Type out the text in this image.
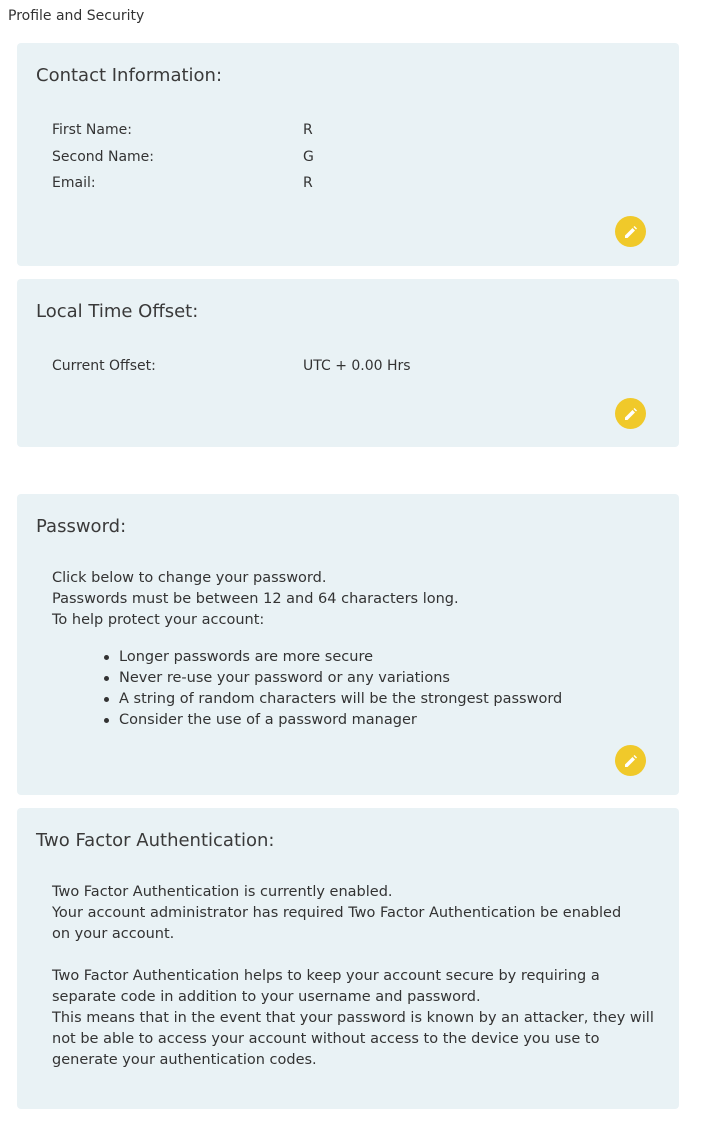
Profile and Security
Contact Information:
First Name:	R
Second Name:	G
Email:	R
Local Time Offset:
Current Offset:	UTC + 0.00 Hrs
Password:
Click below to change your password.
Passwords must be between 12 and 64 characters long.
To help protect your account:
Longer passwords are more secure
Never re-use your password or any variations
A string of random characters will be the strongest password
Consider the use of a password manager
Two Factor Authentication:
Two Factor Authentication is currently enabled.
Your account administrator has required Two Factor Authentication be enabled
on your account.
Two Factor Authentication helps to keep your account secure by requiring a
separate code in addition to your username and password.
This means that in the event that your password is known by an attacker, they will
not be able to access your account without access to the device you use to
generate your authentication codes.
